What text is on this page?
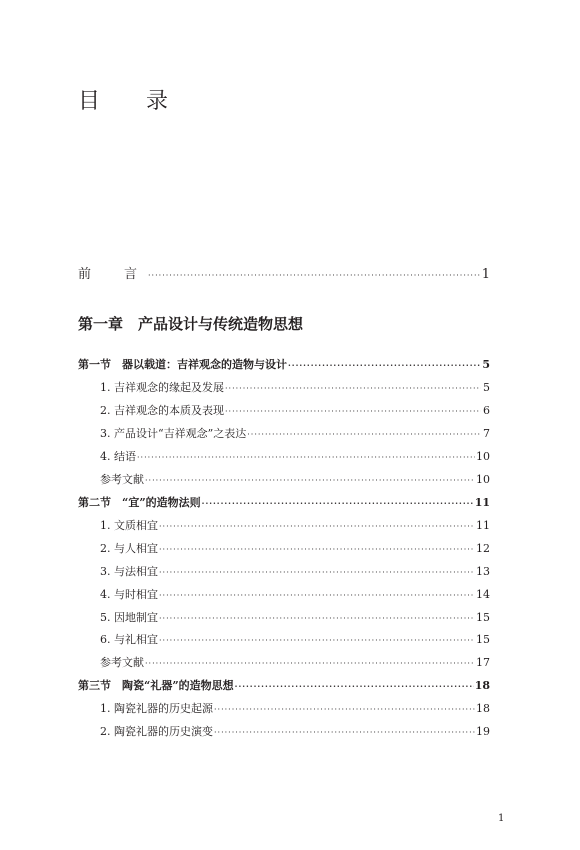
目　录
前　言 ·····	1
第一章　产品设计与传统造物思想
第一节　器以载道：吉祥观念的造物与设计 ·····	5
1. 吉祥观念的缘起及发展 ·····	5
2. 吉祥观念的本质及表现 ·····	6
3. 产品设计“吉祥观念”之表达 ·····	7
4. 结语 ·····	10
参考文献 ·····	10
第二节　“宜”的造物法则 ·····	11
1. 文质相宜 ·····	11
2. 与人相宜 ·····	12
3. 与法相宜 ·····	13
4. 与时相宜 ·····	14
5. 因地制宜 ·····	15
6. 与礼相宜 ·····	15
参考文献 ·····	17
第三节　陶瓷“礼器”的造物思想 ·····	18
1. 陶瓷礼器的历史起源 ·····	18
2. 陶瓷礼器的历史演变 ·····	19
1
